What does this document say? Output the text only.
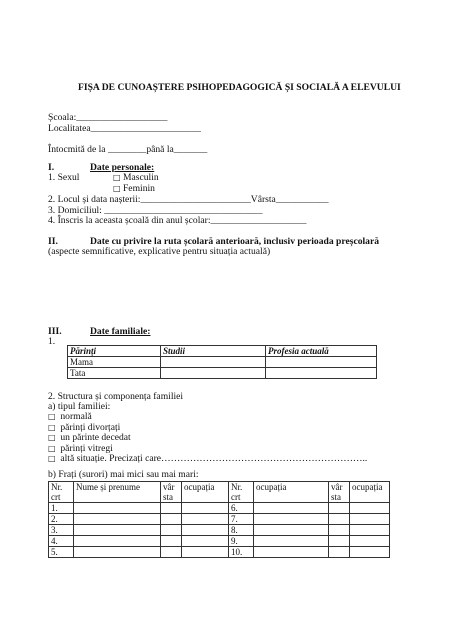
FIȘA DE CUNOAȘTERE PSIHOPEDAGOGICĂ ȘI SOCIALĂ A ELEVULUI
Școala:___________________
Localitatea_______________________
Întocmită de la ________până la_______
I.	Date personale:
1. Sexul	□ Masculin
□ Feminin
2. Locul și data nașterii:_______________________Vârsta___________
3. Domiciliul: _________________________________
4. Înscris la aceasta școală din anul școlar:____________________
II.	Date cu privire la ruta școlară anterioară, inclusiv perioada preșcolară
(aspecte semnificative, explicative pentru situația actuală)
III.	Date familiale:
1.
Părinți	Studii	Profesia actuală
Mama		
Tata		
2. Structura și componența familiei
a) tipul familiei:
□ normală
□ părinți divorțați
□ un părinte decedat
□ părinți vitregi
□ altă situație. Precizați care………………………………………………………..
b) Frați (surori) mai mici sau mai mari:
Nr. crt	Nume și prenume	vâr sta	ocupația	Nr. crt	ocupația	vâr sta	ocupația
1.				6.			
2.				7.			
3.				8.			
4.				9.			
5.				10.			
